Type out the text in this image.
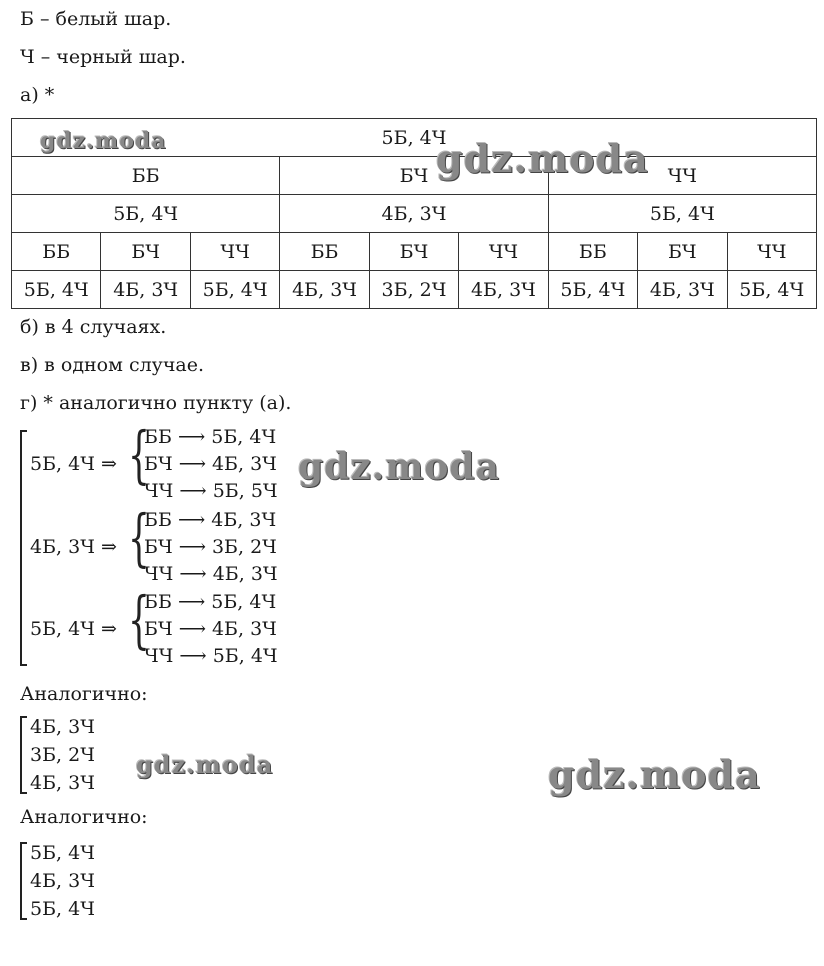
Б – белый шар.
Ч – черный шар.
а) *
5Б, 4Ч								
ББ			БЧ			ЧЧ		
5Б, 4Ч			4Б, 3Ч			5Б, 4Ч		
ББ	БЧ	ЧЧ	ББ	БЧ	ЧЧ	ББ	БЧ	ЧЧ
5Б, 4Ч	4Б, 3Ч	5Б, 4Ч	4Б, 3Ч	3Б, 2Ч	4Б, 3Ч	5Б, 4Ч	4Б, 3Ч	5Б, 4Ч
б) в 4 случаях.
в) в одном случае.
г) * аналогично пункту (а).
5Б, 4Ч ⇒ {
ББ ⟶ 5Б, 4Ч
БЧ ⟶ 4Б, 3Ч
ЧЧ ⟶ 5Б, 5Ч
4Б, 3Ч ⇒ {
ББ ⟶ 4Б, 3Ч
БЧ ⟶ 3Б, 2Ч
ЧЧ ⟶ 4Б, 3Ч
5Б, 4Ч ⇒ {
ББ ⟶ 5Б, 4Ч
БЧ ⟶ 4Б, 3Ч
ЧЧ ⟶ 5Б, 4Ч
Аналогично:
4Б, 3Ч
3Б, 2Ч
4Б, 3Ч
Аналогично:
5Б, 4Ч
4Б, 3Ч
5Б, 4Ч
gdz.moda	gdz.moda
gdz.moda
gdz.moda	gdz.moda
